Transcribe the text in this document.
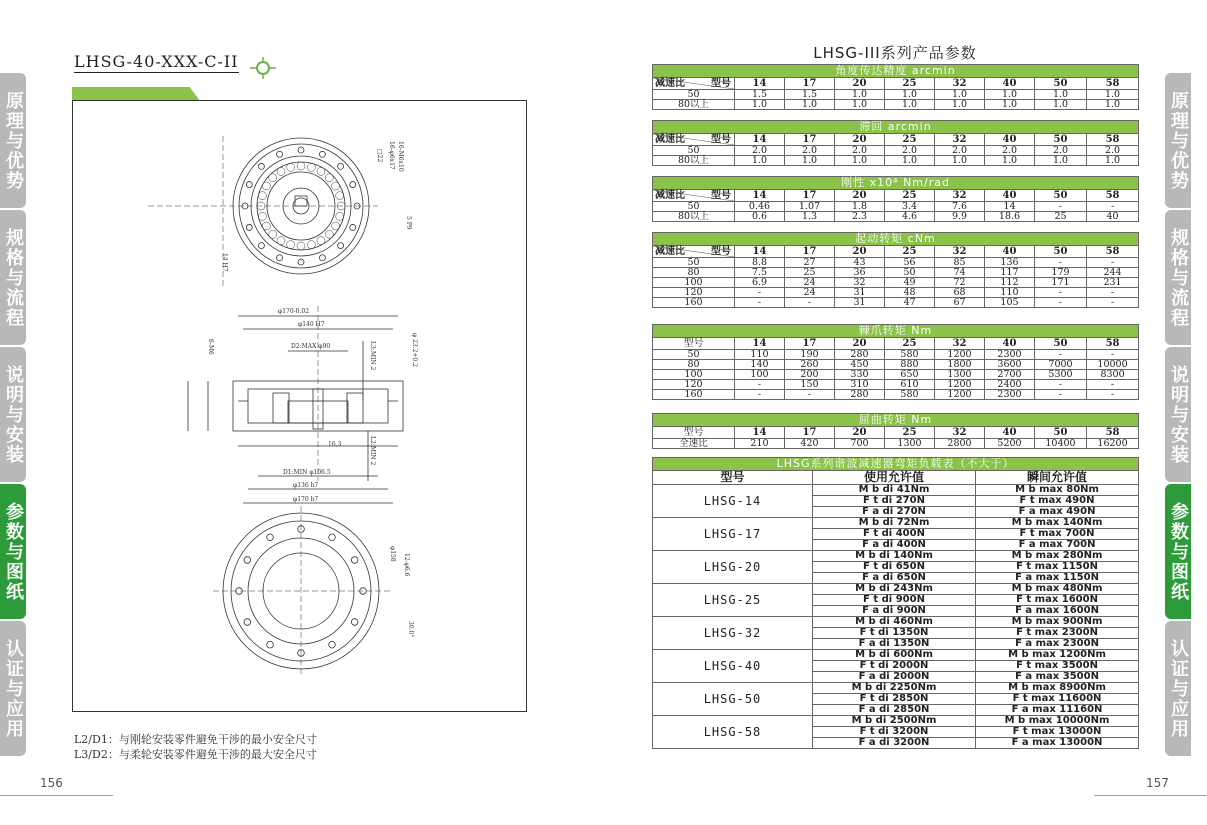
原理与优势
规格与流程
说明与安装
参数与图纸
认证与应用
原理与优势
规格与流程
说明与安装
参数与图纸
认证与应用
LHSG-40-XXX-C-II
□22 16-φ6x17 16-M6x10
5 P9
14 H7
φ170-0.02
φ140 H7
D2:MAX φ90	L3:MIN 2	φ 23.2+0.2
6-M6
16.3	L2:MIN 2
D1:MIN φ106.5
φ136 h7
φ170 h7
φ158 12-φ6.6
30.0°
L2/D1：与刚轮安装零件避免干涉的最小安全尺寸
L3/D2：与柔轮安装零件避免干涉的最大安全尺寸
156
LHSG-III系列产品参数
角度传达精度 arcmin								

型号
减速比	14	17	20	25	32	40	50	58
50	1.5	1.5	1.0	1.0	1.0	1.0	1.0	1.0
80以上	1.0	1.0	1.0	1.0	1.0	1.0	1.0	1.0
滞回 arcmin								

型号
减速比	14	17	20	25	32	40	50	58
50	2.0	2.0	2.0	2.0	2.0	2.0	2.0	2.0
80以上	1.0	1.0	1.0	1.0	1.0	1.0	1.0	1.0
刚性 x10⁴ Nm/rad								

型号
减速比	14	17	20	25	32	40	50	58
50	0.46	1.07	1.8	3.4	7.6	14	-	-
80以上	0.6	1.3	2.3	4.6	9.9	18.6	25	40
起动转矩 cNm								

型号
减速比	14	17	20	25	32	40	50	58
50	8.8	27	43	56	85	136	-	-
80	7.5	25	36	50	74	117	179	244
100	6.9	24	32	49	72	112	171	231
120	-	24	31	48	68	110	-	-
160	-	-	31	47	67	105	-	-
棘爪转矩 Nm								
型号	14	17	20	25	32	40	50	58
50	110	190	280	580	1200	2300	-	-
80	140	260	450	880	1800	3600	7000	10000
100	100	200	330	650	1300	2700	5300	8300
120	-	150	310	610	1200	2400	-	-
160	-	-	280	580	1200	2300	-	-
屈曲转矩 Nm								
型号	14	17	20	25	32	40	50	58
全速比	210	420	700	1300	2800	5200	10400	16200
LHSG系列谐波减速器弯矩负载表（不大于）		
型号	使用允许值	瞬间允许值
LHSG-14	M b di 41Nm	M b max 80Nm
	F t di 270N	F t max 490N
	F a di 270N	F a max 490N
LHSG-17	M b di 72Nm	M b max 140Nm
	F t di 400N	F t max 700N
	F a di 400N	F a max 700N
LHSG-20	M b di 140Nm	M b max 280Nm
	F t di 650N	F t max 1150N
	F a di 650N	F a max 1150N
LHSG-25	M b di 243Nm	M b max 480Nm
	F t di 900N	F t max 1600N
	F a di 900N	F a max 1600N
LHSG-32	M b di 460Nm	M b max 900Nm
	F t di 1350N	F t max 2300N
	F a di 1350N	F a max 2300N
LHSG-40	M b di 600Nm	M b max 1200Nm
	F t di 2000N	F t max 3500N
	F a di 2000N	F a max 3500N
LHSG-50	M b di 2250Nm	M b max 8900Nm
	F t di 2850N	F t max 11600N
	F a di 2850N	F a max 11160N
LHSG-58	M b di 2500Nm	M b max 10000Nm
	F t di 3200N	F t max 13000N
	F a di 3200N	F a max 13000N
157
